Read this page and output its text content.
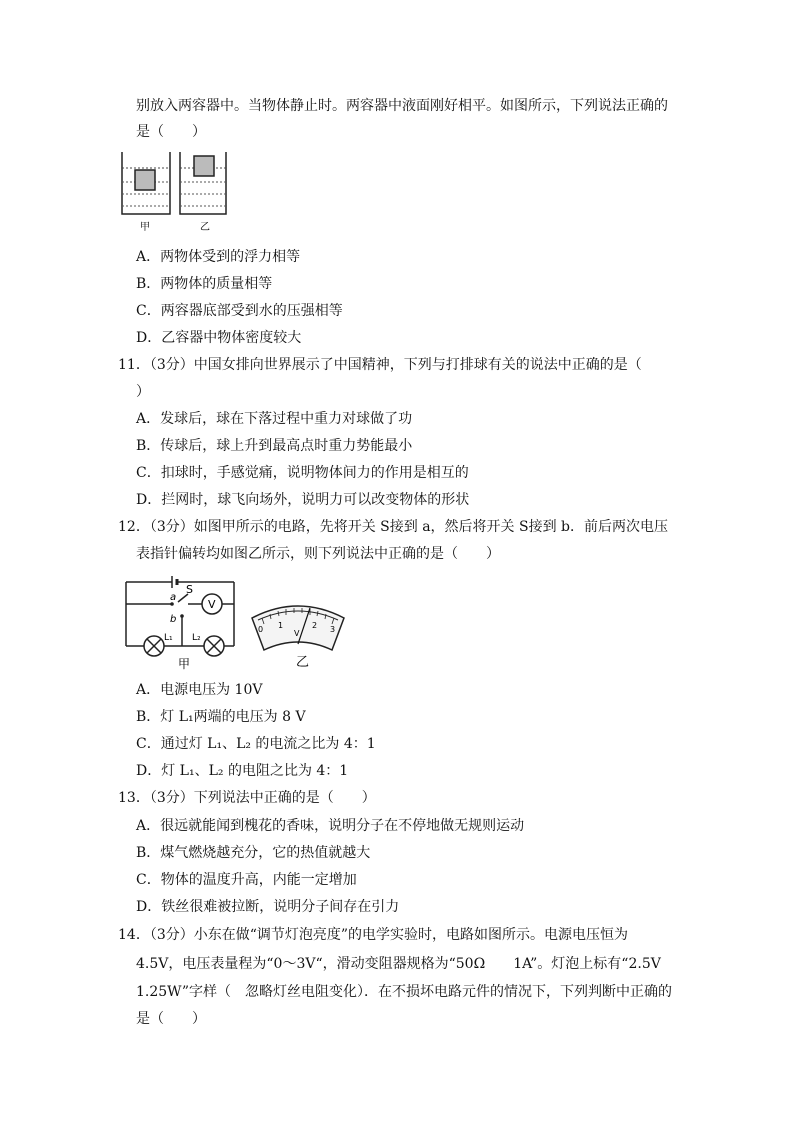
别放入两容器中。当物体静止时。两容器中液面刚好相平。如图所示，下列说法正确的
是（　　）
甲	乙
A．两物体受到的浮力相等
B．两物体的质量相等
C．两容器底部受到水的压强相等
D．乙容器中物体密度较大
11．（3分）中国女排向世界展示了中国精神，下列与打排球有关的说法中正确的是（
）
A．发球后，球在下落过程中重力对球做了功
B．传球后，球上升到最高点时重力势能最小
C．扣球时，手感觉痛，说明物体间力的作用是相互的
D．拦网时，球飞向场外，说明力可以改变物体的形状
12．（3分）如图甲所示的电路，先将开关 S接到 a，然后将开关 S接到 b．前后两次电压
表指针偏转均如图乙所示，则下列说法中正确的是（　　）
S
a
b
V
L₁ L₂
甲
0 1	2 3
V
乙
A．电源电压为 10V
B．灯 L₁两端的电压为 8 V
C．通过灯 L₁、L₂ 的电流之比为 4：1
D．灯 L₁、L₂ 的电阻之比为 4：1
13．（3分）下列说法中正确的是（　　）
A．很远就能闻到槐花的香味，说明分子在不停地做无规则运动
B．煤气燃烧越充分，它的热值就越大
C．物体的温度升高，内能一定增加
D．铁丝很难被拉断，说明分子间存在引力
14．（3分）小东在做“调节灯泡亮度”的电学实验时，电路如图所示。电源电压恒为
4.5V，电压表量程为“0～3V“，滑动变阻器规格为“50Ω　　1A”。灯泡上标有“2.5V
1.25W”字样（　忽略灯丝电阻变化）．在不损坏电路元件的情况下，下列判断中正确的
是（　　）
